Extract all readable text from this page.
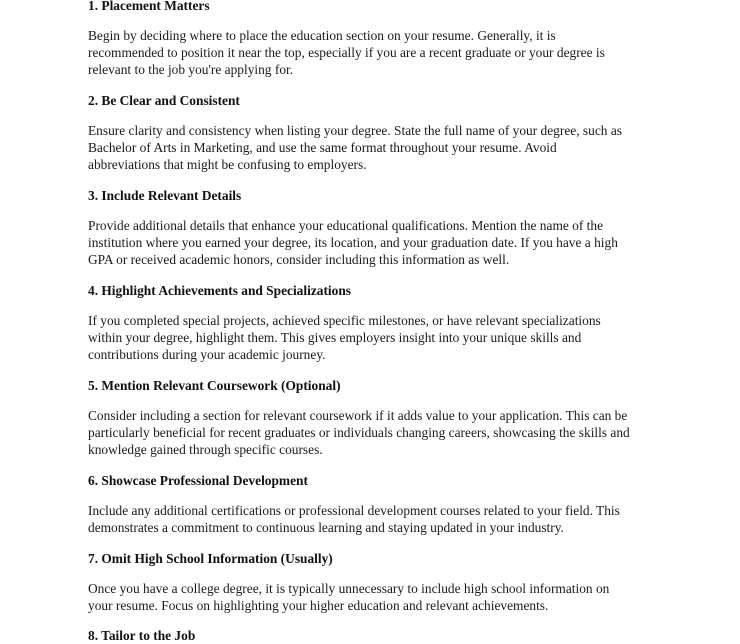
1. Placement Matters

Begin by deciding where to place the education section on your resume. Generally, it is
recommended to position it near the top, especially if you are a recent graduate or your degree is
relevant to the job you're applying for.

2. Be Clear and Consistent

Ensure clarity and consistency when listing your degree. State the full name of your degree, such as
Bachelor of Arts in Marketing, and use the same format throughout your resume. Avoid
abbreviations that might be confusing to employers.

3. Include Relevant Details

Provide additional details that enhance your educational qualifications. Mention the name of the
institution where you earned your degree, its location, and your graduation date. If you have a high
GPA or received academic honors, consider including this information as well.

4. Highlight Achievements and Specializations

If you completed special projects, achieved specific milestones, or have relevant specializations
within your degree, highlight them. This gives employers insight into your unique skills and
contributions during your academic journey.

5. Mention Relevant Coursework (Optional)

Consider including a section for relevant coursework if it adds value to your application. This can be
particularly beneficial for recent graduates or individuals changing careers, showcasing the skills and
knowledge gained through specific courses.

6. Showcase Professional Development

Include any additional certifications or professional development courses related to your field. This
demonstrates a commitment to continuous learning and staying updated in your industry.

7. Omit High School Information (Usually)

Once you have a college degree, it is typically unnecessary to include high school information on
your resume. Focus on highlighting your higher education and relevant achievements.

8. Tailor to the Job
